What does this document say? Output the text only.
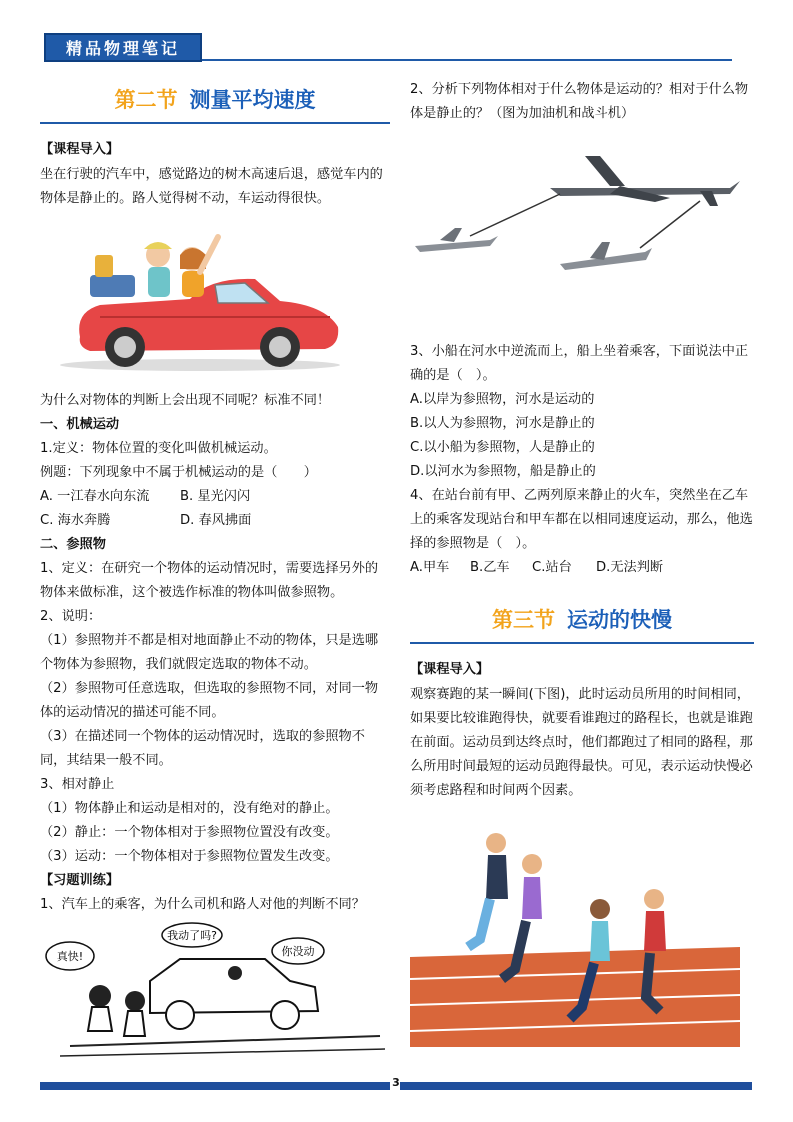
精品物理笔记
第二节 测量平均速度
【课程导入】
坐在行驶的汽车中，感觉路边的树木高速后退，感觉车内的物体是静止的。路人觉得树不动，车运动得很快。
为什么对物体的判断上会出现不同呢？标准不同！
一、机械运动
1.定义：物体位置的变化叫做机械运动。
例题：下列现象中不属于机械运动的是（　　）
A. 一江春水向东流	B. 星光闪闪
C. 海水奔腾	D. 春风拂面
二、参照物
1、定义：在研究一个物体的运动情况时，需要选择另外的物体来做标准，这个被选作标准的物体叫做参照物。
2、说明：
（1）参照物并不都是相对地面静止不动的物体，只是选哪个物体为参照物，我们就假定选取的物体不动。
（2）参照物可任意选取，但选取的参照物不同，对同一物体的运动情况的描述可能不同。
（3）在描述同一个物体的运动情况时，选取的参照物不同，其结果一般不同。
3、相对静止
（1）物体静止和运动是相对的，没有绝对的静止。
（2）静止：一个物体相对于参照物位置没有改变。
（3）运动：一个物体相对于参照物位置发生改变。
【习题训练】
1、汽车上的乘客，为什么司机和路人对他的判断不同？
真快!
我动了吗?
你没动
2、分析下列物体相对于什么物体是运动的？相对于什么物体是静止的？（图为加油机和战斗机）
3、小船在河水中逆流而上，船上坐着乘客，下面说法中正确的是（　）。
A.以岸为参照物，河水是运动的
B.以人为参照物，河水是静止的
C.以小船为参照物，人是静止的
D.以河水为参照物，船是静止的
4、在站台前有甲、乙两列原来静止的火车，突然坐在乙车上的乘客发现站台和甲车都在以相同速度运动，那么，他选择的参照物是（　）。
A.甲车	B.乙车	C.站台	D.无法判断
第三节 运动的快慢
【课程导入】
观察赛跑的某一瞬间(下图)，此时运动员所用的时间相同，如果要比较谁跑得快，就要看谁跑过的路程长，也就是谁跑在前面。运动员到达终点时，他们都跑过了相同的路程，那么所用时间最短的运动员跑得最快。可见，表示运动快慢必须考虑路程和时间两个因素。
3
